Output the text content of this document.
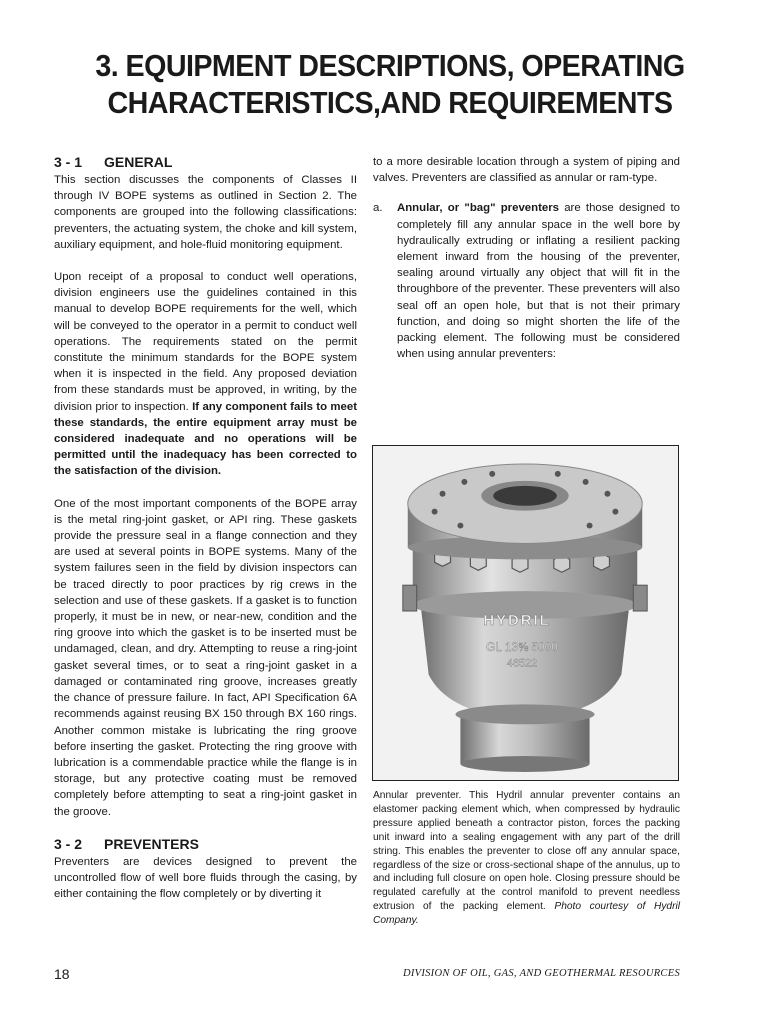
3. EQUIPMENT DESCRIPTIONS, OPERATING
CHARACTERISTICS,AND REQUIREMENTS
3 - 1 GENERAL

This section discusses the components of Classes II through IV BOPE systems as outlined in Section 2. The components are grouped into the following classifications: preventers, the actuating system, the choke and kill system, auxiliary equipment, and hole-fluid monitoring equipment.

Upon receipt of a proposal to conduct well operations, division engineers use the guidelines contained in this manual to develop BOPE requirements for the well, which will be conveyed to the operator in a permit to conduct well operations. The requirements stated on the permit constitute the minimum standards for the BOPE system when it is inspected in the field. Any proposed deviation from these standards must be approved, in writing, by the division prior to inspection. If any component fails to meet these standards, the entire equipment array must be considered inadequate and no operations will be permitted until the inadequacy has been corrected to the satisfaction of the division.

One of the most important components of the BOPE array is the metal ring-joint gasket, or API ring. These gaskets provide the pressure seal in a flange connection and they are used at several points in BOPE systems. Many of the system failures seen in the field by division inspectors can be traced directly to poor practices by rig crews in the selection and use of these gaskets. If a gasket is to function properly, it must be in new, or near-new, condition and the ring groove into which the gasket is to be inserted must be undamaged, clean, and dry. Attempting to reuse a ring-joint gasket several times, or to seat a ring-joint gasket in a damaged or contaminated ring groove, increases greatly the chance of pressure failure. In fact, API Specification 6A recommends against reusing BX 150 through BX 160 rings. Another common mistake is lubricating the ring groove before inserting the gasket. Protecting the ring groove with lubrication is a commendable practice while the flange is in storage, but any protective coating must be removed completely before attempting to seat a ring-joint gasket in the groove.

3 - 2 PREVENTERS

Preventers are devices designed to prevent the uncontrolled flow of well bore fluids through the casing, by either containing the flow completely or by diverting it

to a more desirable location through a system of piping and valves. Preventers are classified as annular or ram-type.

a. Annular, or "bag" preventers are those designed to completely fill any annular space in the well bore by hydraulically extruding or inflating a resilient packing element inward from the housing of the preventer, sealing around virtually any object that will fit in the throughbore of the preventer. These preventers will also seal off an open hole, but that is not their primary function, and doing so might shorten the life of the packing element. The following must be considered when using annular preventers:
HYDRIL
GL 13⅝ 5000
46522
Annular preventer. This Hydril annular preventer contains an elastomer packing element which, when compressed by hydraulic pressure applied beneath a contractor piston, forces the packing unit inward into a sealing engagement with any part of the drill string. This enables the preventer to close off any annular space, regardless of the size or cross-sectional shape of the annulus, up to and including full closure on open hole. Closing pressure should be regulated carefully at the control manifold to prevent needless extrusion of the packing element. Photo courtesy of Hydril Company.
18	DIVISION OF OIL, GAS, AND GEOTHERMAL RESOURCES
